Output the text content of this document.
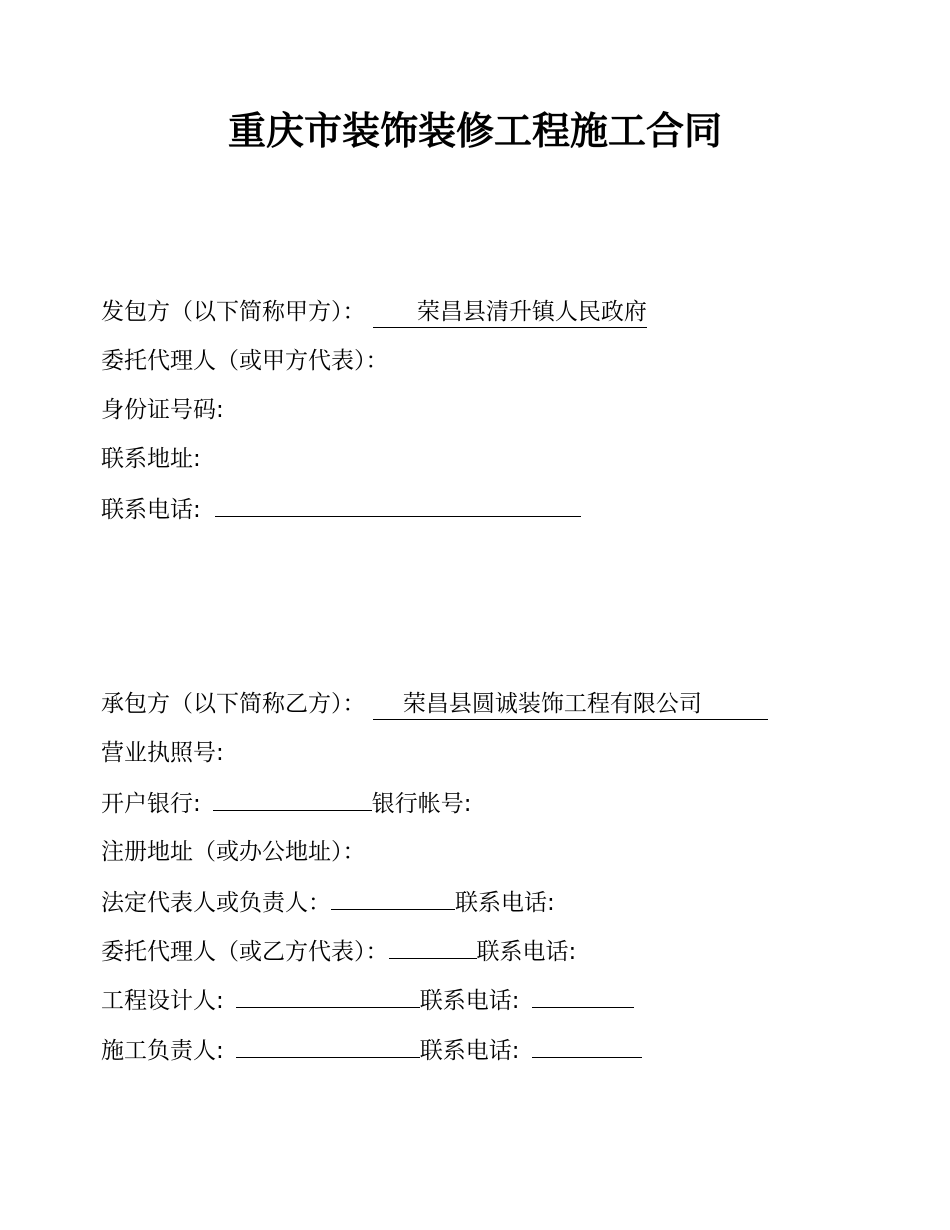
重庆市装饰装修工程施工合同
发包方（以下简称甲方）： 荣昌县清升镇人民政府
委托代理人（或甲方代表）：
身份证号码:
联系地址:
联系电话:
承包方（以下简称乙方）： 荣昌县圆诚装饰工程有限公司
营业执照号:
开户银行:	银行帐号:
注册地址（或办公地址）：
法定代表人或负责人：	联系电话:
委托代理人（或乙方代表）：	联系电话:
工程设计人:	联系电话:
施工负责人:	联系电话:
